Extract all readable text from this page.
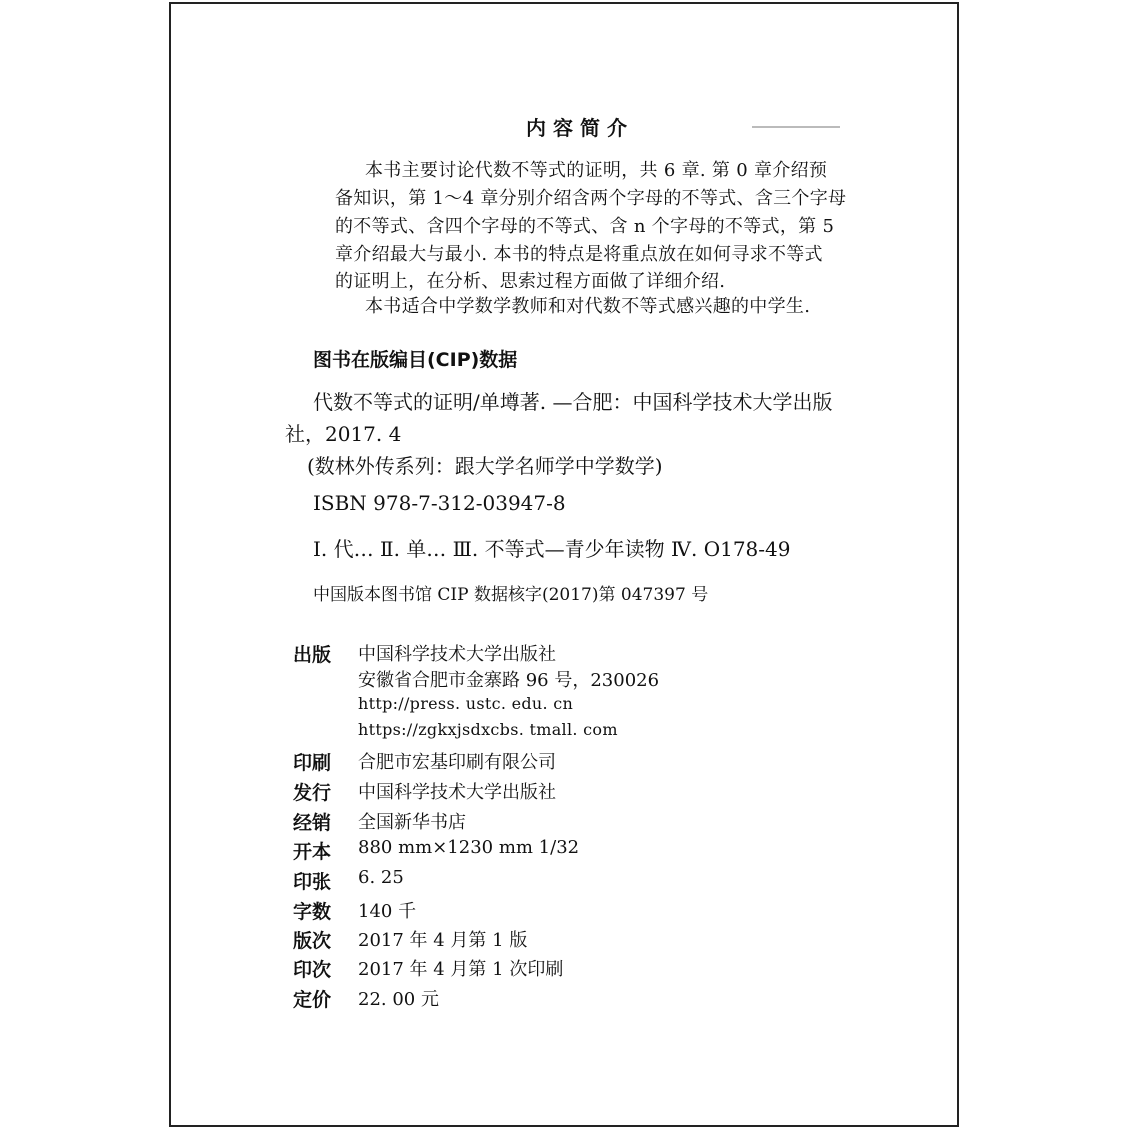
内容简介
本书主要讨论代数不等式的证明，共 6 章. 第 0 章介绍预
备知识，第 1～4 章分别介绍含两个字母的不等式、含三个字母
的不等式、含四个字母的不等式、含 n 个字母的不等式，第 5
章介绍最大与最小. 本书的特点是将重点放在如何寻求不等式
的证明上，在分析、思索过程方面做了详细介绍.
本书适合中学数学教师和对代数不等式感兴趣的中学生.
图书在版编目(CIP)数据
代数不等式的证明/单壿著. —合肥：中国科学技术大学出版
社，2017. 4
(数林外传系列：跟大学名师学中学数学)
ISBN 978-7-312-03947-8
Ⅰ. 代… Ⅱ. 单… Ⅲ. 不等式—青少年读物 Ⅳ. O178-49
中国版本图书馆 CIP 数据核字(2017)第 047397 号
出版 中国科学技术大学出版社
安徽省合肥市金寨路 96 号，230026
http://press. ustc. edu. cn
https://zgkxjsdxcbs. tmall. com
印刷 合肥市宏基印刷有限公司
发行 中国科学技术大学出版社
经销 全国新华书店
开本 880 mm×1230 mm 1/32
印张 6. 25
字数 140 千
版次 2017 年 4 月第 1 版
印次 2017 年 4 月第 1 次印刷
定价 22. 00 元
